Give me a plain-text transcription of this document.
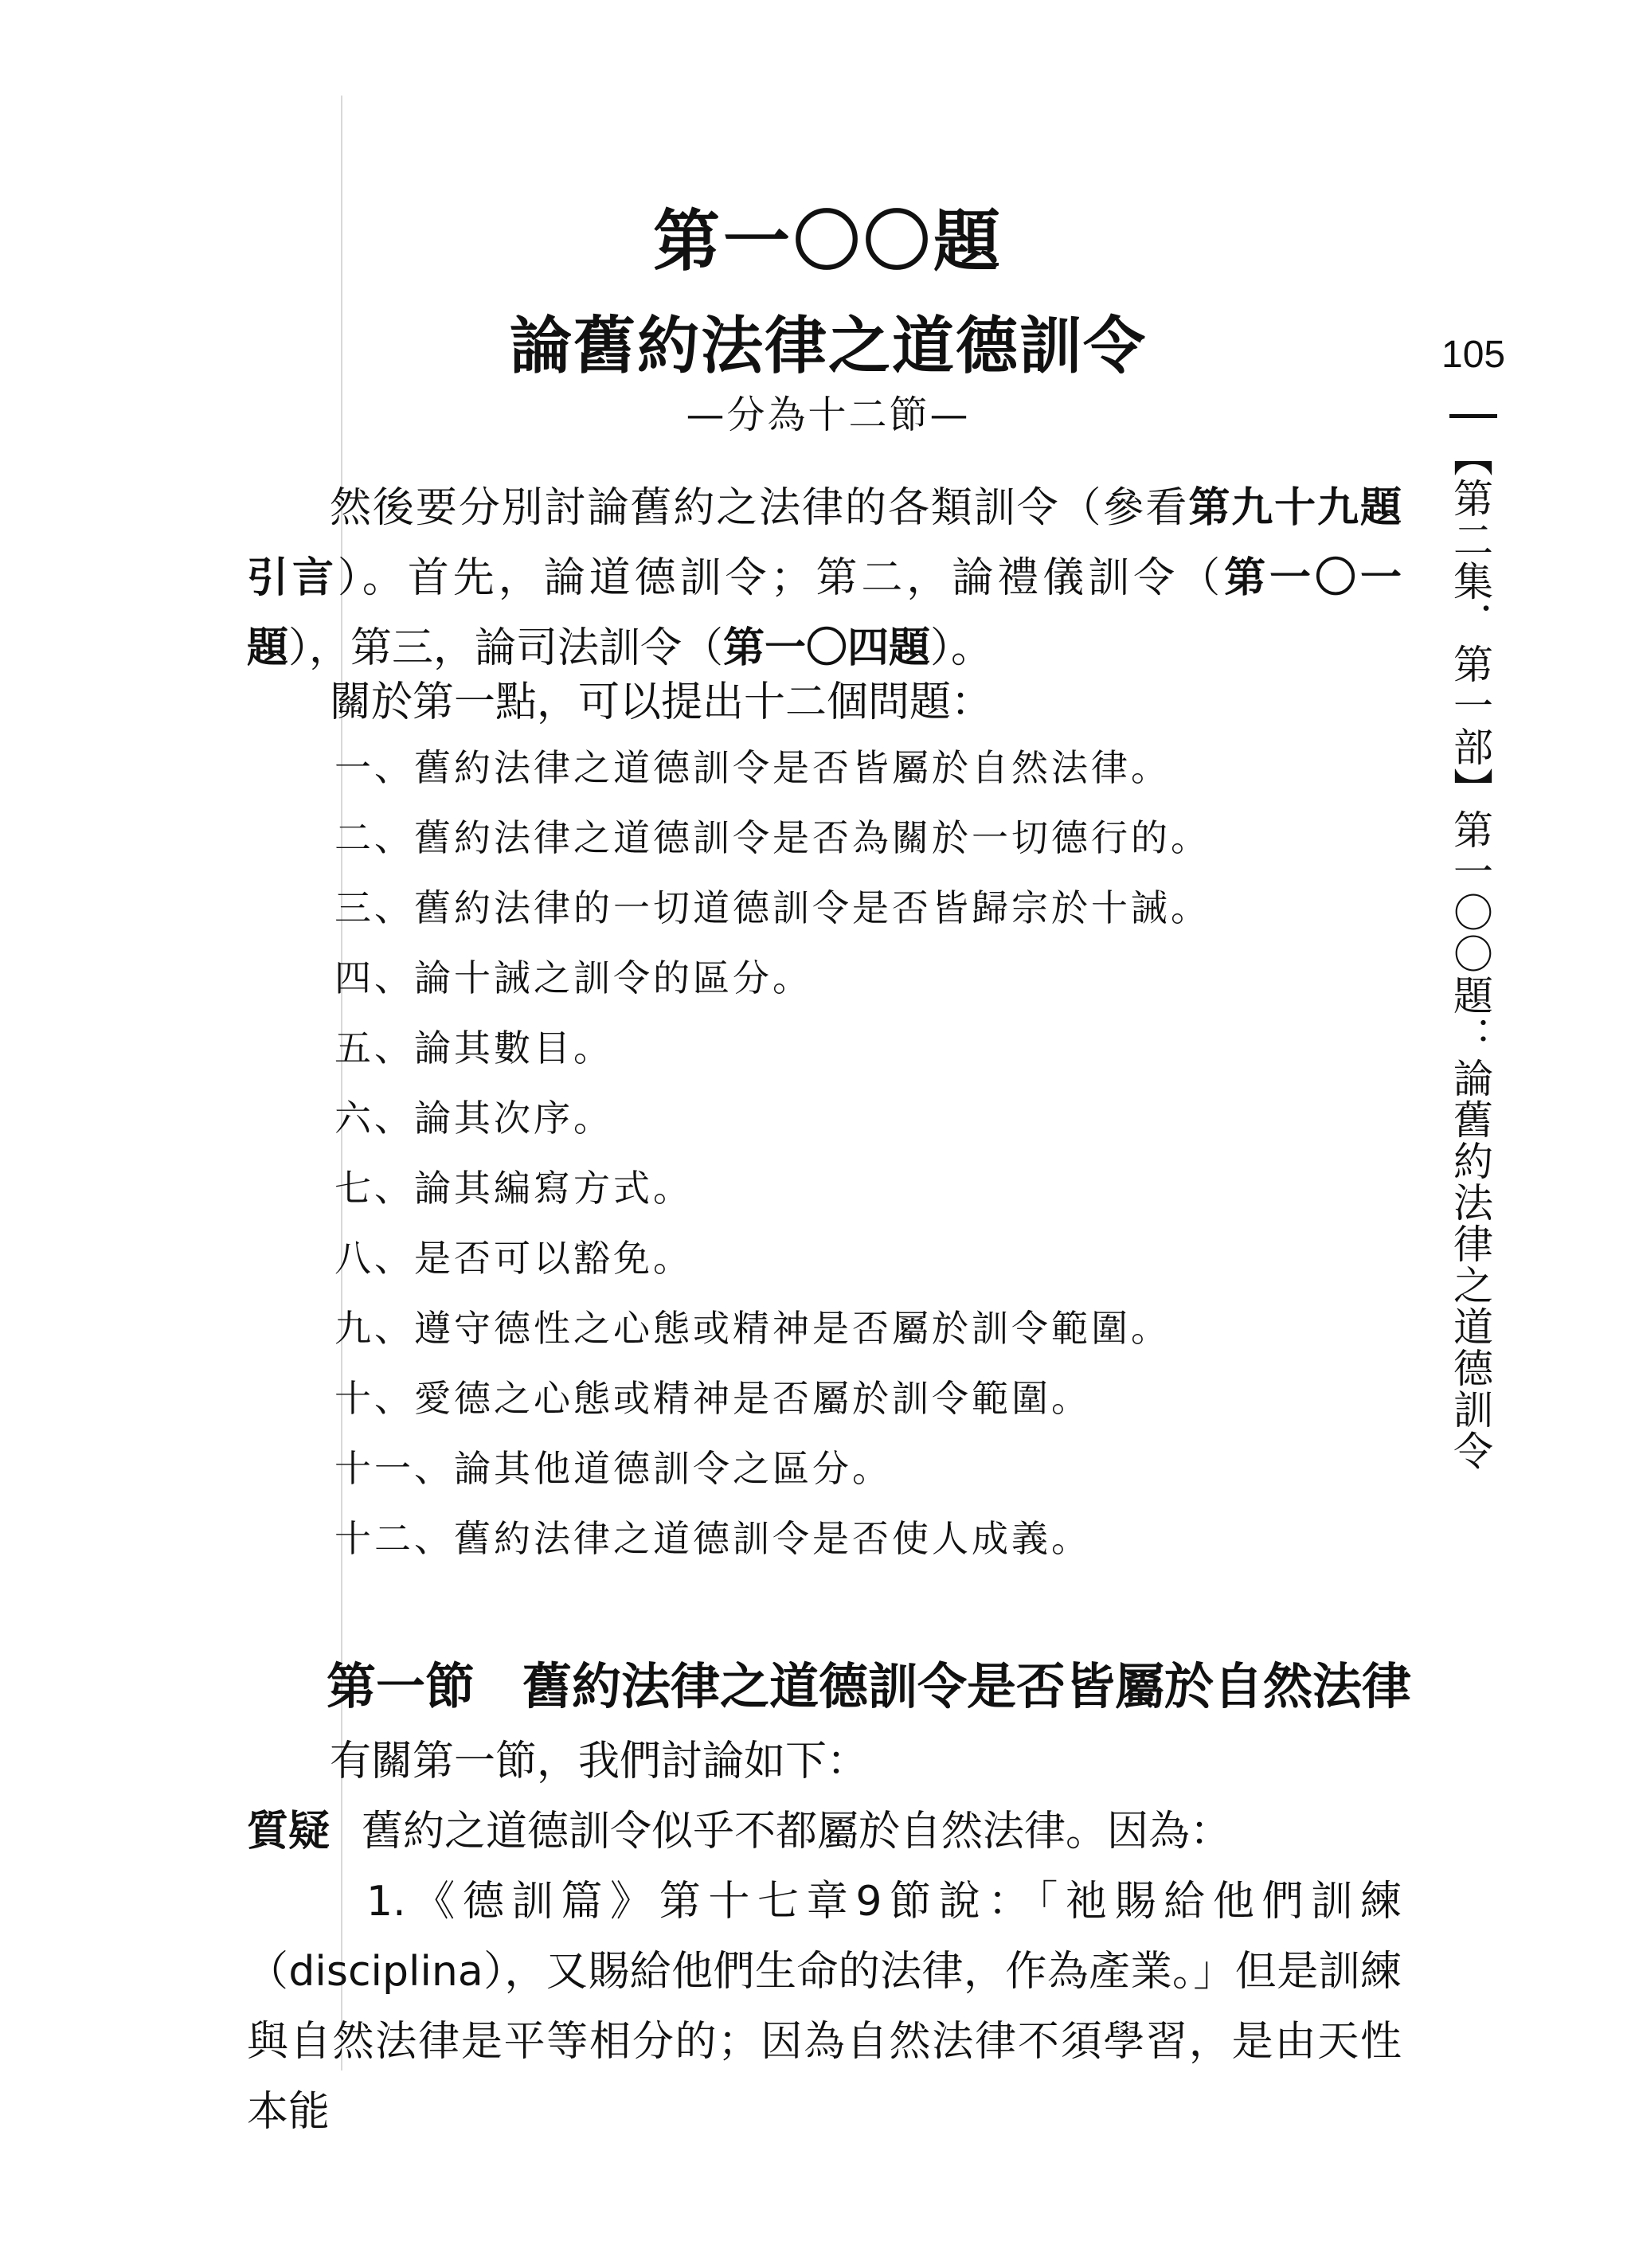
第一〇〇題
論舊約法律之道德訓令
—分為十二節—
然後要分別討論舊約之法律的各類訓令（參看第九十九題引言）。首先，論道德訓令；第二，論禮儀訓令（第一〇一題），第三，論司法訓令（第一〇四題）。
關於第一點，可以提出十二個問題：
一、舊約法律之道德訓令是否皆屬於自然法律。
二、舊約法律之道德訓令是否為關於一切德行的。
三、舊約法律的一切道德訓令是否皆歸宗於十誡。
四、論十誡之訓令的區分。
五、論其數目。
六、論其次序。
七、論其編寫方式。
八、是否可以豁免。
九、遵守德性之心態或精神是否屬於訓令範圍。
十、愛德之心態或精神是否屬於訓令範圍。
十一、論其他道德訓令之區分。
十二、舊約法律之道德訓令是否使人成義。
第一節 舊約法律之道德訓令是否皆屬於自然法律
有關第一節，我們討論如下：
質疑 舊約之道德訓令似乎不都屬於自然法律。因為：
1.《德訓篇》第十七章9節說：「祂賜給他們訓練（disciplina），又賜給他們生命的法律，作為產業。」但是訓練與自然法律是平等相分的；因為自然法律不須學習，是由天性本能
105
【第二集．第一部】第一〇〇題：論舊約法律之道德訓令
